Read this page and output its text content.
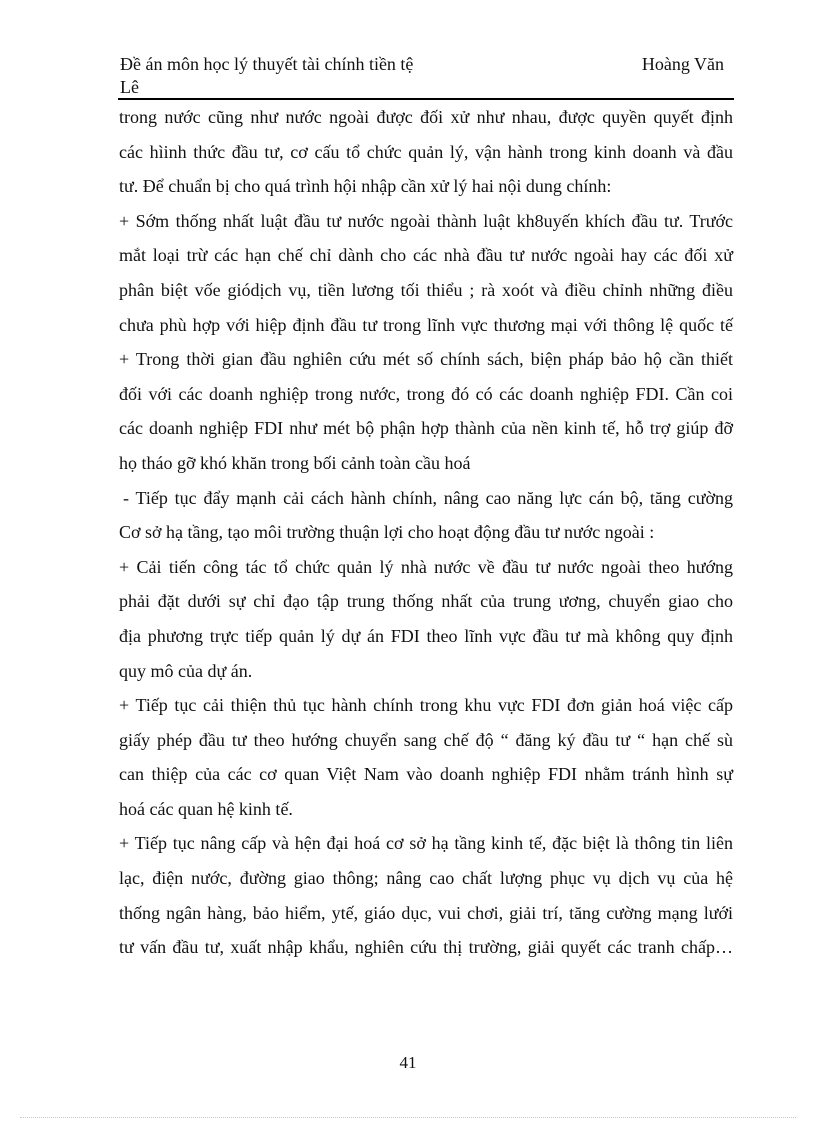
Đề án môn học lý thuyết tài chính tiền tệ	Hoàng Văn
Lê
trong nước cũng như nước ngoài được đối xử như nhau, được quyền quyết định
các hìinh thức đầu tư, cơ cấu tổ chức quản lý, vận hành trong kinh doanh và đầu
tư. Để chuẩn bị cho quá trình hội nhập cần xử lý hai nội dung chính:
+ Sớm thống nhất luật đầu tư nước ngoài thành luật kh8uyến khích đầu tư. Trước
mắt loại trừ các hạn chế chỉ dành cho các nhà đầu tư nước ngoài hay các đối xử
phân biệt vốe giódịch vụ, tiền lương tối thiểu ; rà xoót và điều chỉnh những điều
chưa phù hợp với hiệp định đầu tư trong lĩnh vực thương mại với thông lệ quốc tế
+ Trong thời gian đầu nghiên cứu mét số chính sách, biện pháp bảo hộ cần thiết
đối với các doanh nghiệp trong nước, trong đó có các doanh nghiệp FDI. Cần coi
các doanh nghiệp FDI như mét bộ phận hợp thành của nền kinh tế, hỗ trợ giúp đỡ
họ tháo gỡ khó khăn trong bối cảnh toàn cầu hoá
- Tiếp tục đẩy mạnh cải cách hành chính, nâng cao năng lực cán bộ, tăng cường
Cơ sở hạ tầng, tạo môi trường thuận lợi cho hoạt động đầu tư nước ngoài :
+ Cải tiến công tác tổ chức quản lý nhà nước về đầu tư nước ngoài theo hướng
phải đặt dưới sự chỉ đạo tập trung thống nhất của trung ương, chuyển giao cho
địa phương trực tiếp quản lý dự án FDI theo lĩnh vực đầu tư mà không quy định
quy mô của dự án.
+ Tiếp tục cải thiện thủ tục hành chính trong khu vực FDI đơn giản hoá việc cấp
giấy phép đầu tư theo hướng chuyển sang chế độ “ đăng ký đầu tư “ hạn chế sù
can thiệp của các cơ quan Việt Nam vào doanh nghiệp FDI nhằm tránh hình sự
hoá các quan hệ kinh tế.
+ Tiếp tục nâng cấp và hện đại hoá cơ sở hạ tầng kinh tế, đặc biệt là thông tin liên
lạc, điện nước, đường giao thông; nâng cao chất lượng phục vụ dịch vụ của hệ
thống ngân hàng, bảo hiểm, ytế, giáo dục, vui chơi, giải trí, tăng cường mạng lưới
tư vấn đầu tư, xuất nhập khẩu, nghiên cứu thị trường, giải quyết các tranh chấp…
41
